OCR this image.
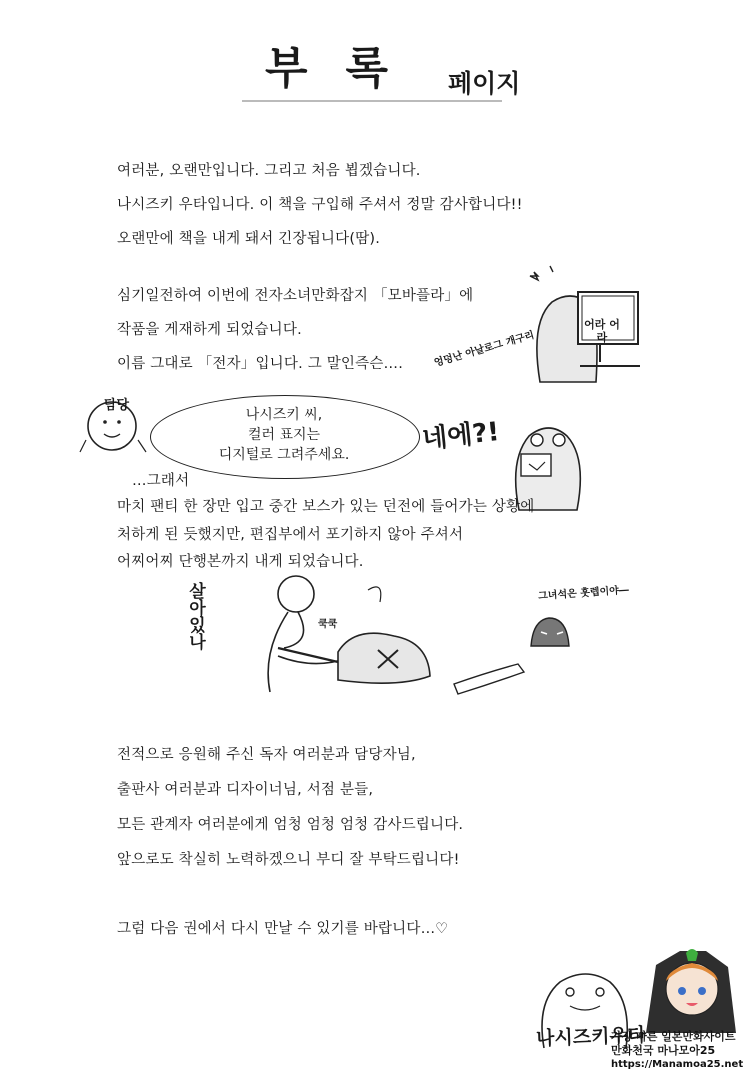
부 록	페이지
여러분, 오랜만입니다. 그리고 처음 뵙겠습니다.
나시즈키 우타입니다. 이 책을 구입해 주셔서 정말 감사합니다!!
오랜만에 책을 내게 돼서 긴장됩니다(땀).
심기일전하여 이번에 전자소녀만화잡지 「모바플라」에
작품을 게재하게 되었습니다.
이름 그대로 「전자」입니다. 그 말인즉슨….
담당
나시즈키 씨,
컬러 표지는
디지털로 그려주세요.
어라 어라
엉덩난 아날로그 개구리
네에?!
…그래서
마치 팬티 한 장만 입고 중간 보스가 있는 던전에 들어가는 상황에
처하게 된 듯했지만, 편집부에서 포기하지 않아 주셔서
어찌어찌 단행본까지 내게 되었습니다.
살아있나	쿡쿡
그녀석은 훗렙이야―
전적으로 응원해 주신 독자 여러분과 담당자님,
출판사 여러분과 디자이너님, 서점 분들,
모든 관계자 여러분에게 엄청 엄청 엄청 감사드립니다.
앞으로도 착실히 노력하겠으니 부디 잘 부탁드립니다!
그럼 다음 권에서 다시 만날 수 있기를 바랍니다…♡
나시즈키우타
가장 빠른 일본만화사이트
만화천국 마나모아25
https://Manamoa25.net
